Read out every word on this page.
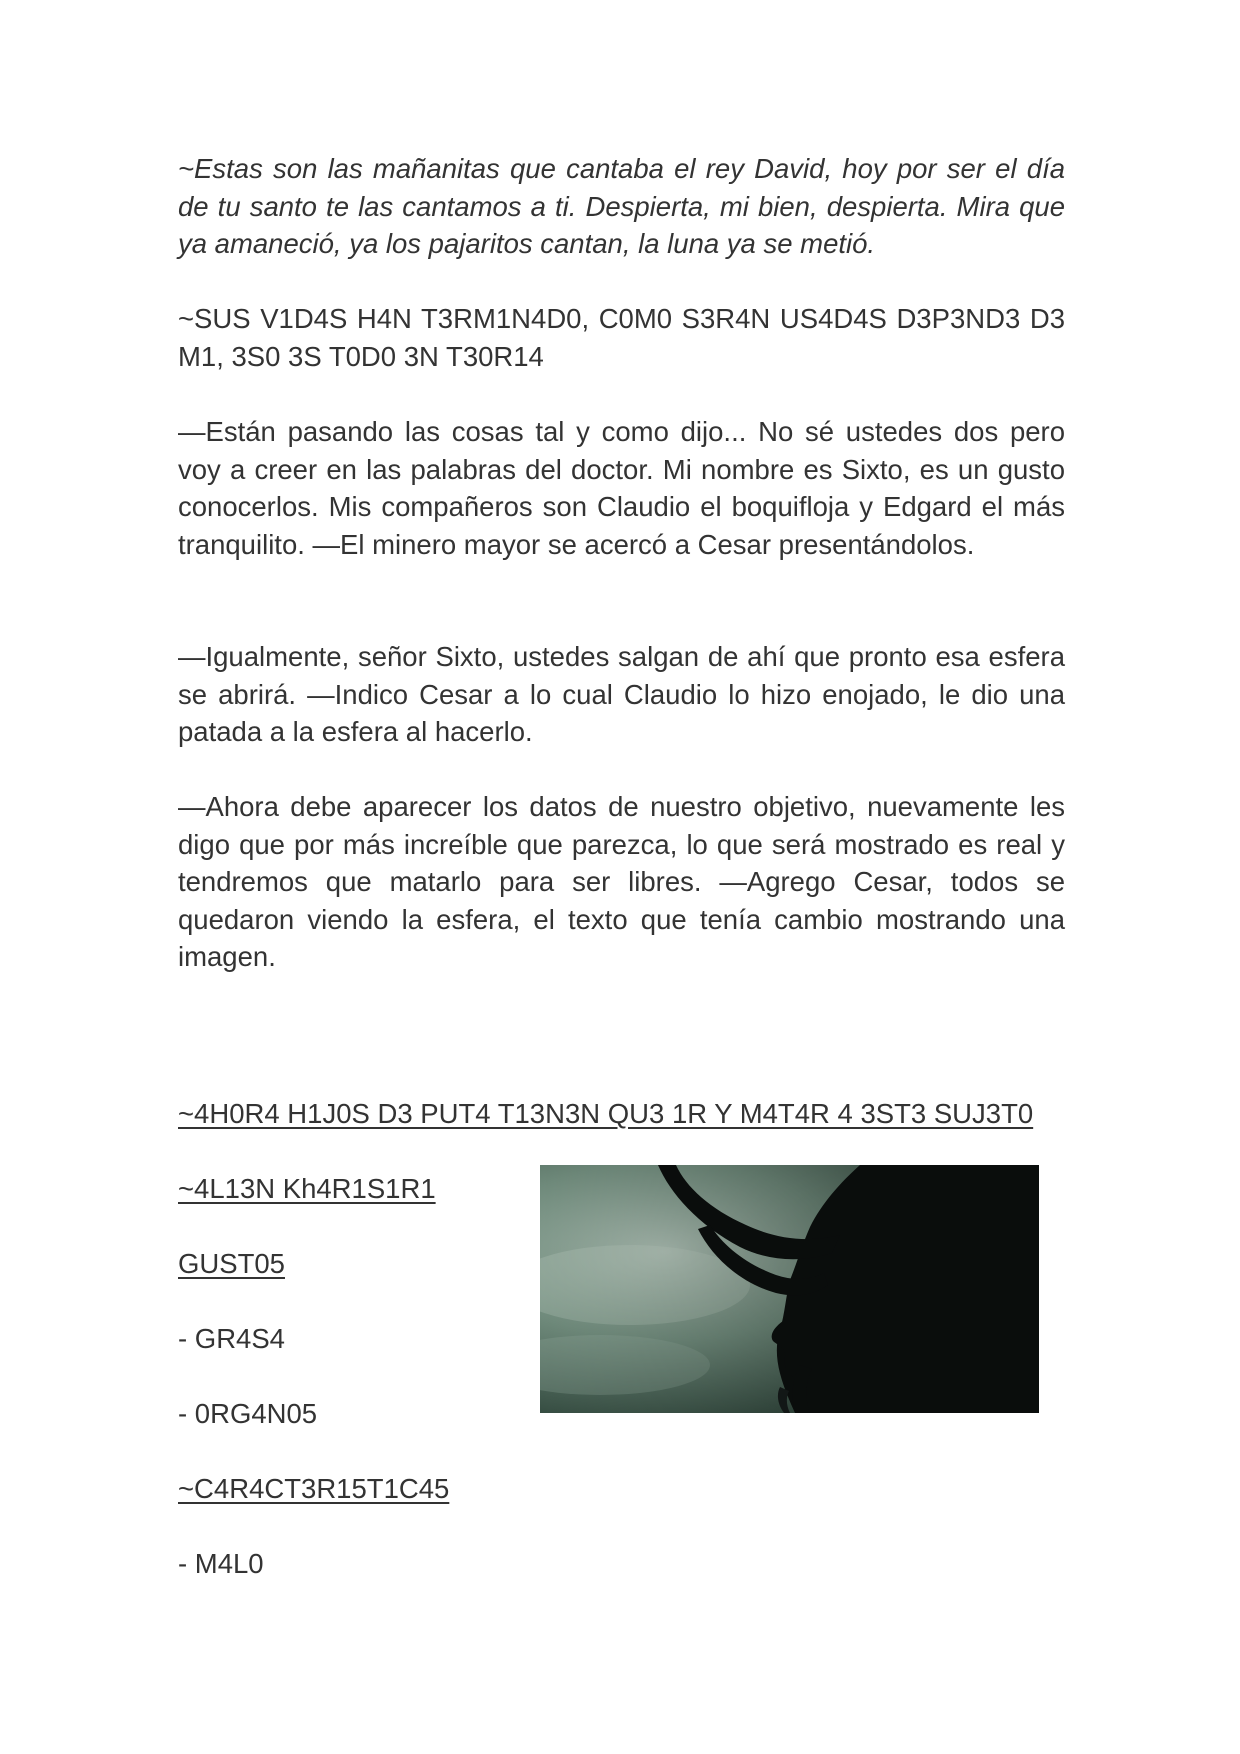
~Estas son las mañanitas que cantaba el rey David, hoy por ser el día de tu santo te las cantamos a ti. Despierta, mi bien, despierta. Mira que ya amaneció, ya los pajaritos cantan, la luna ya se metió.

~SUS V1D4S H4N T3RM1N4D0, C0M0 S3R4N US4D4S D3P3ND3 D3 M1, 3S0 3S T0D0 3N T30R14

—Están pasando las cosas tal y como dijo... No sé ustedes dos pero voy a creer en las palabras del doctor. Mi nombre es Sixto, es un gusto conocerlos. Mis compañeros son Claudio el boquifloja y Edgard el más tranquilito. —El minero mayor se acercó a Cesar presentándolos.

—Igualmente, señor Sixto, ustedes salgan de ahí que pronto esa esfera se abrirá. —Indico Cesar a lo cual Claudio lo hizo enojado, le dio una patada a la esfera al hacerlo.

—Ahora debe aparecer los datos de nuestro objetivo, nuevamente les digo que por más increíble que parezca, lo que será mostrado es real y tendremos que matarlo para ser libres. —Agrego Cesar, todos se quedaron viendo la esfera, el texto que tenía cambio mostrando una imagen.

~4H0R4 H1J0S D3 PUT4 T13N3N QU3 1R Y M4T4R 4 3ST3 SUJ3T0

~4L13N Kh4R1S1R1

GUST05

- GR4S4

- 0RG4N05

~C4R4CT3R15T1C45

- M4L0
